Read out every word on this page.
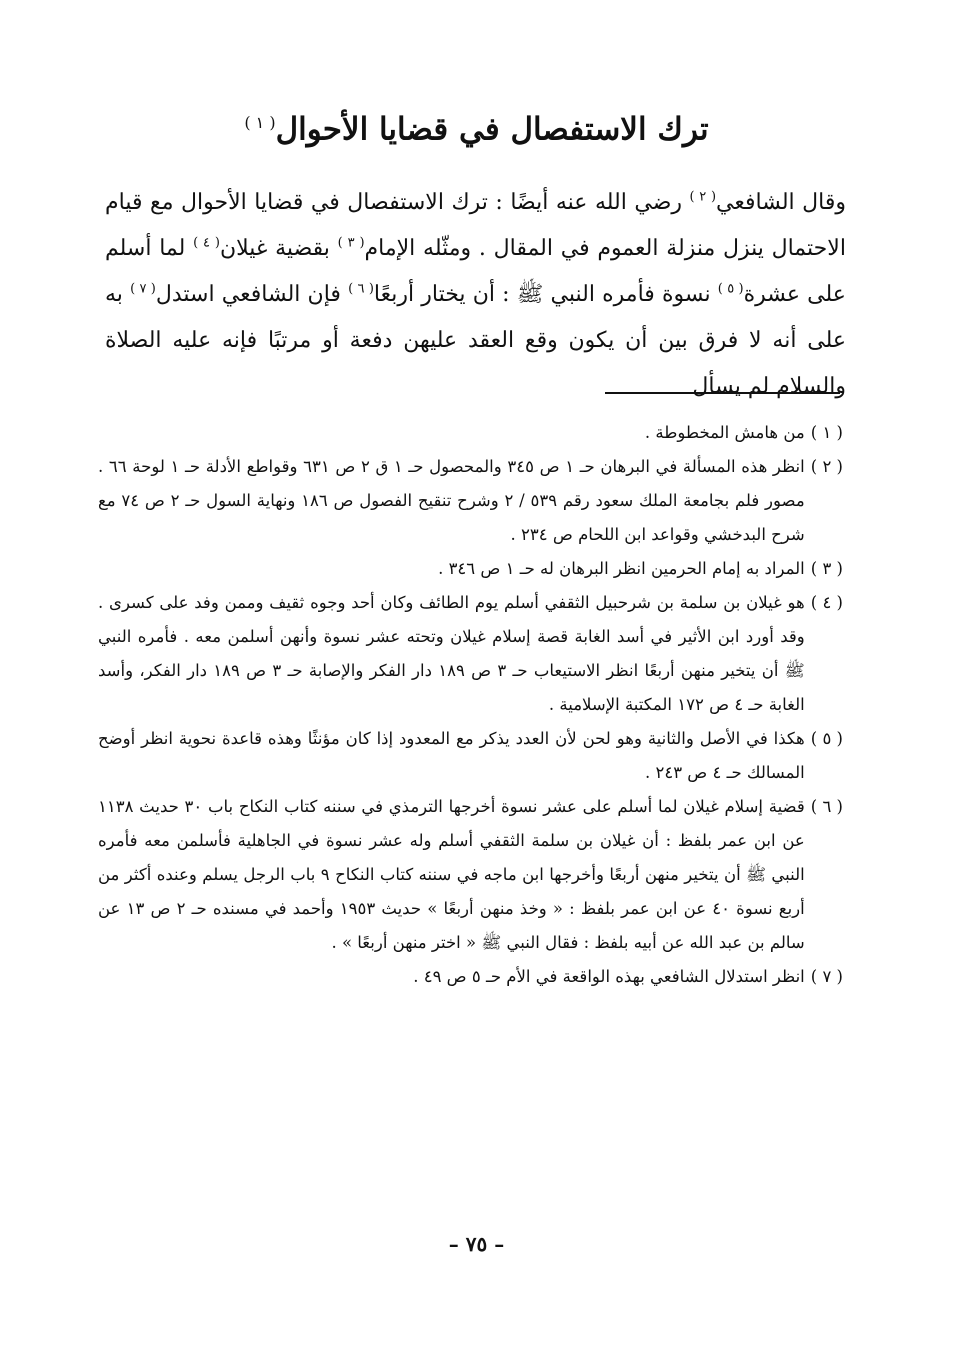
ترك الاستفصال في قضايا الأحوال$^{( ١ )}$

وقال الشافعي$^{( ٢ )}$ رضي الله عنه أيضًا : ترك الاستفصال في قضايا الأحوال مع قيام الاحتمال ينزل منزلة العموم في المقال . ومثّله الإمام$^{( ٣ )}$ بقضية غيلان$^{( ٤ )}$ لما أسلم على عشرة$^{( ٥ )}$ نسوة فأمره النبي ﷺ : أن يختار أربعًا$^{( ٦ )}$ فإن الشافعي استدل$^{( ٧ )}$ به على أنه لا فرق بين أن يكون وقع العقد عليهن دفعة أو مرتبًا فإنه عليه الصلاة والسلام لم يسأل

( ١ )
من هامش المخطوطة .
( ٢ )
انظر هذه المسألة في البرهان حـ ١ ص ٣٤٥ والمحصول حـ ١ ق ٢ ص ٦٣١ وقواطع الأدلة حـ ١ لوحة ٦٦ . مصور فلم بجامعة الملك سعود رقم ٥٣٩ / ٢ وشرح تنقيح الفصول ص ١٨٦ ونهاية السول حـ ٢ ص ٧٤ مع شرح البدخشي وقواعد ابن اللحام ص ٢٣٤ .
( ٣ )
المراد به إمام الحرمين انظر البرهان له حـ ١ ص ٣٤٦ .
( ٤ )
هو غيلان بن سلمة بن شرحبيل الثقفي أسلم يوم الطائف وكان أحد وجوه ثقيف وممن وفد على كسرى . وقد أورد ابن الأثير في أسد الغابة قصة إسلام غيلان وتحته عشر نسوة وأنهن أسلمن معه . فأمره النبي ﷺ أن يتخير منهن أربعًا انظر الاستيعاب حـ ٣ ص ١٨٩ دار الفكر والإصابة حـ ٣ ص ١٨٩ دار الفكر، وأسد الغابة حـ ٤ ص ١٧٢ المكتبة الإسلامية .
( ٥ )
هكذا في الأصل والثانية وهو لحن لأن العدد يذكر مع المعدود إذا كان مؤنثًا وهذه قاعدة نحوية انظر أوضح المسالك حـ ٤ ص ٢٤٣ .
( ٦ )
قضية إسلام غيلان لما أسلم على عشر نسوة أخرجها الترمذي في سننه كتاب النكاح باب ٣٠ حديث ١١٣٨ عن ابن عمر بلفظ : أن غيلان بن سلمة الثقفي أسلم وله عشر نسوة في الجاهلية فأسلمن معه فأمره النبي ﷺ أن يتخير منهن أربعًا وأخرجها ابن ماجه في سننه كتاب النكاح ٩ باب الرجل يسلم وعنده أكثر من أربع نسوة ٤٠ عن ابن عمر بلفظ : « وخذ منهن أربعًا » حديث ١٩٥٣ وأحمد في مسنده حـ ٢ ص ١٣ عن سالم بن عبد الله عن أبيه بلفظ : فقال النبي ﷺ « اختر منهن أربعًا » .
( ٧ )
انظر استدلال الشافعي بهذه الواقعة في الأم حـ ٥ ص ٤٩ .
– ٧٥ –
